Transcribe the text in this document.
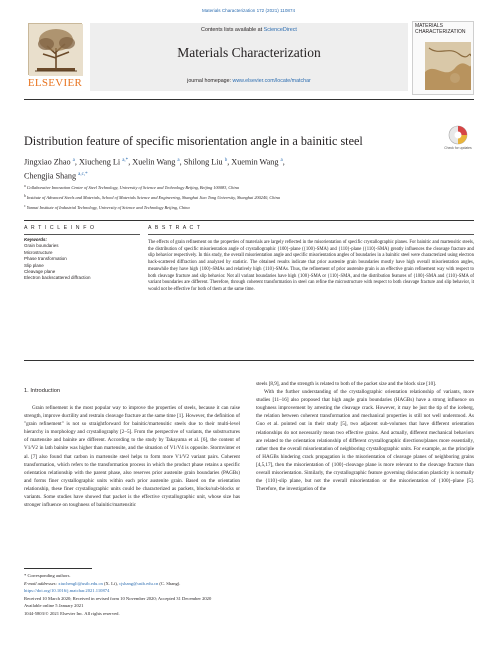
Materials Characterization 172 (2021) 110874
ELSEVIER
Contents lists available at ScienceDirect
Materials Characterization
journal homepage: www.elsevier.com/locate/matchar
MATERIALS CHARACTERIZATION
Distribution feature of specific misorientation angle in a bainitic steel	Check for updates
Jingxiao Zhao $^a$, Xiucheng Li $^{a,*}$, Xuelin Wang $^a$, Shilong Liu $^b$, Xuemin Wang $^a$,
Chengjia Shang $^{a,c,*}$
$^a$ Collaborative Innovation Center of Steel Technology, University of Science and Technology Beijing, Beijing 100083, China
$^b$ Institute of Advanced Steels and Materials, School of Materials Science and Engineering, Shanghai Jiao Tong University, Shanghai 200240, China
$^c$ Yunnai Institute of Industrial Technology, University of Science and Technology Beijing, China
A R T I C L E I N F O	A B S T R A C T
Keywords:
Grain boundaries
Microstructure
Phase transformation
Slip plane
Cleavage plane
Electron backscattered diffraction
The effects of grain refinement on the properties of materials are largely reflected in the misorientation of specific crystallographic planes. For bainitic and martensitic steels, the distribution of specific misorientation angle of crystallographic {100}-plane ({100}-SMA) and {110}-plane ({110}-SMA) greatly influences the cleavage fracture and slip behavior respectively. In this study, the overall misorientation angle and specific misorientation angles of boundaries in a bainitic steel were characterized using electron back-scattered diffraction and analyzed by statistic. The obtained results indicate that prior austenite grain boundaries mostly have high overall misorientation angles, meanwhile they have high {100}-SMAs and relatively high {110}-SMAs. Thus, the refinement of prior austenite grain is an effective grain refinement way with respect to both cleavage fracture and slip behavior. Not all variant boundaries have high {100}-SMA or {110}-SMA, and the distribution features of {100}-SMA and {110}-SMA of variant boundaries are different. Therefore, through coherent transformation in steel can refine the microstructure with respect to both cleavage fracture and slip behavior, it would not be effective for both of them at the same time.
1. Introduction

Grain refinement is the most popular way to improve the properties of steels, because it can raise strength, improve ductility and restrain cleavage fracture at the same time [1]. However, the definition of "grain refinement" is not so straightforward for bainitic/martensitic steels due to their multi-level hierarchy in morphology and crystallography [2–5]. From the perspective of variants, the substructures of martensite and bainite are different. According to the study by Takayama et al. [6], the content of V1/V2 in lath bainite was higher than martensite, and the situation of V1/V4 is opposite. Stormvinter et al. [7] also found that carbon in martensite steel helps to form more V1/V2 variant pairs. Coherent transformation, which refers to the transformation process in which the product phase retains a specific orientation relationship with the parent phase, also reserves prior austenite grain boundaries (PAGBs) and forms finer crystallographic units within each prior austenite grain. Based on the orientation relationship, these finer crystallographic units could be characterized as packets, blocks/sub-blocks or variants. Some studies have showed that packet is the effective crystallographic unit, whose size has stronger influence on toughness of bainitic/martensitic

steels [8,9], and the strength is related to both of the packet size and the block size [10].

With the further understanding of the crystallographic orientation relationship of variants, more studies [11–16] also proposed that high angle grain boundaries (HAGBs) have a strong influence on toughness improvement by arresting the cleavage crack. However, it may be just the tip of the iceberg, the relation between coherent transformation and mechanical properties is still not well understood. As Guo et al. pointed out in their study [5], two adjacent sub-volumes that have different orientation relationships do not necessarily mean two effective grains. And actually, different mechanical behaviors are related to the orientation relationship of different crystallographic directions/planes more essentially, rather then the overall misorientation of neighboring crystallographic units. For example, as the principle of HAGBs hindering crack propagation is the misorientation of cleavage planes of neighboring grains [4,5,17], then the misorientation of {100}-cleavage plane is more relevant to the cleavage fracture than overall misorientation. Similarly, the crystallographic feature governing dislocation plasticity is normally the {110}-slip plane, but not the overall misorientation or the misorientation of {100}-plane [5]. Therefore, the investigation of the

* Corresponding authors.
E-mail addresses: xiuchengli@ustb.edu.cn (X. Li), cjshang@ustb.edu.cn (C. Shang).
https://doi.org/10.1016/j.matchar.2021.110874
Received 10 March 2020; Received in revised form 10 November 2020; Accepted 31 December 2020
Available online 5 January 2021
1044-5803/© 2021 Elsevier Inc. All rights reserved.
